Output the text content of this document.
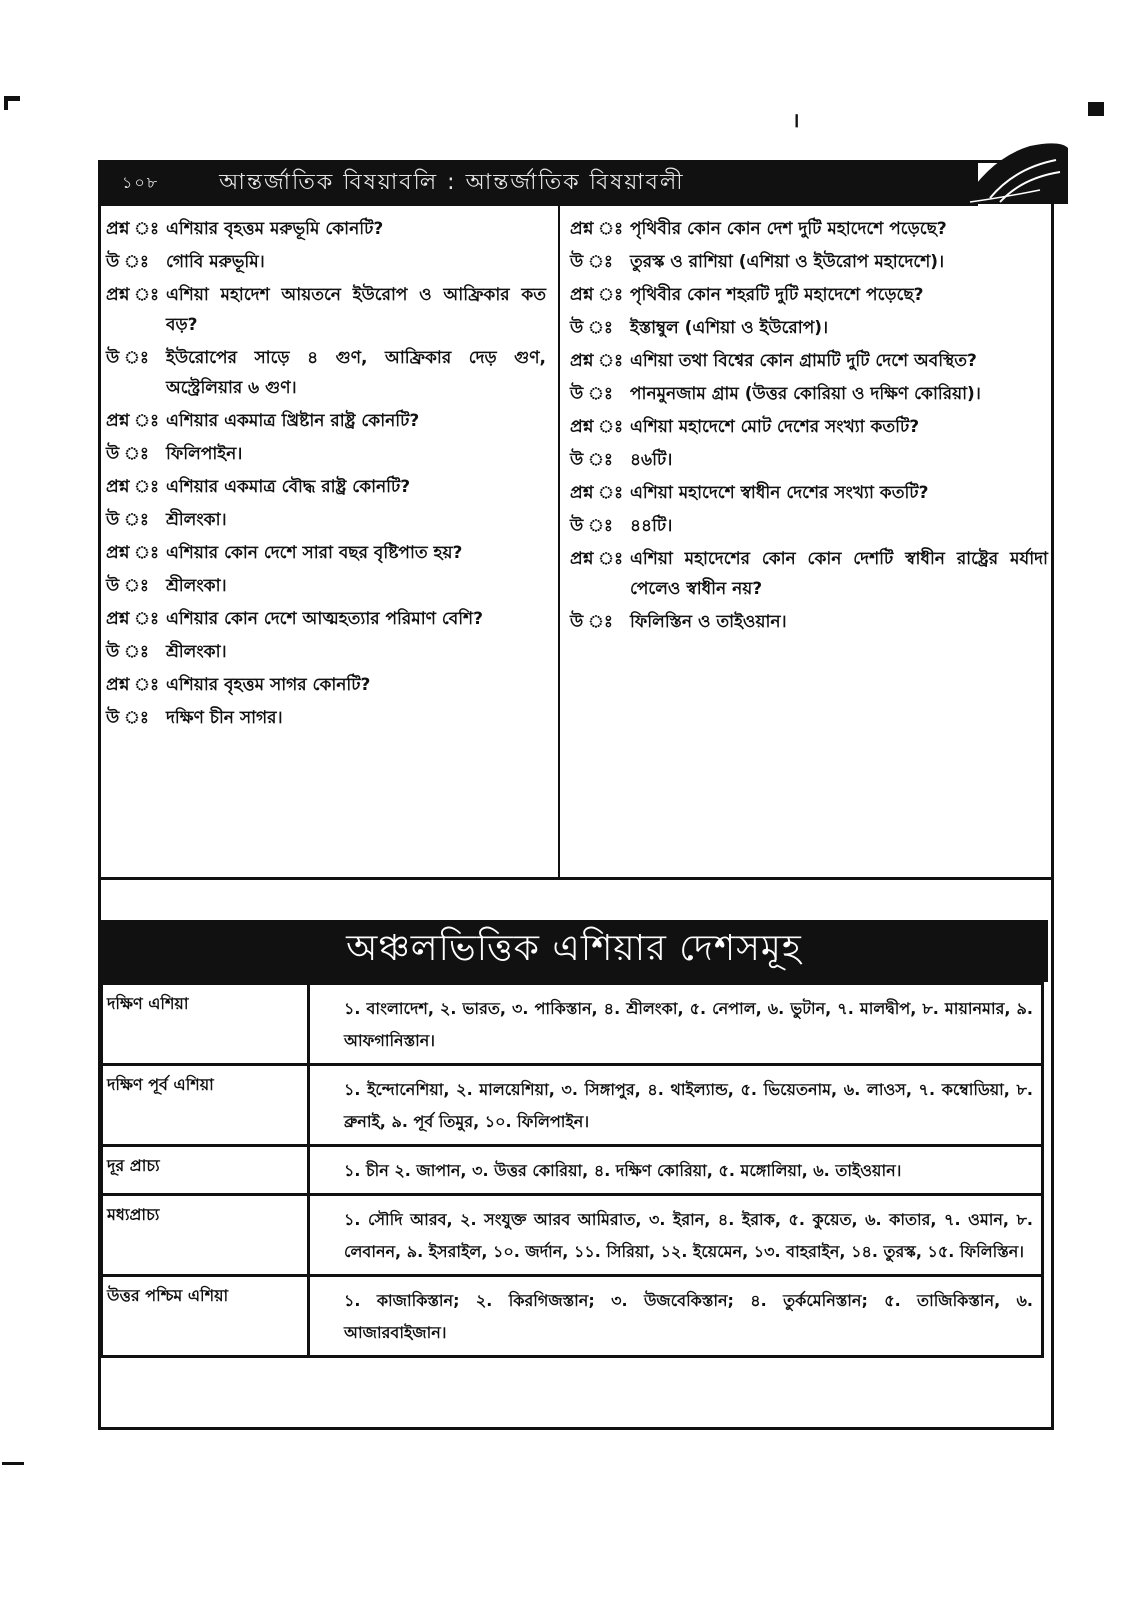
।
১০৮	আন্তর্জাতিক বিষয়াবলি : আন্তর্জাতিক বিষয়াবলী
প্রশ্ন ঃ এশিয়ার বৃহত্তম মরুভূমি কোনটি?
উ ঃ	গোবি মরুভূমি।
প্রশ্ন ঃ এশিয়া মহাদেশ আয়তনে ইউরোপ ও আফ্রিকার কত বড়?
উ ঃ	ইউরোপের সাড়ে ৪ গুণ, আফ্রিকার দেড় গুণ, অস্ট্রেলিয়ার ৬ গুণ।
প্রশ্ন ঃ এশিয়ার একমাত্র খ্রিষ্টান রাষ্ট্র কোনটি?
উ ঃ	ফিলিপাইন।
প্রশ্ন ঃ এশিয়ার একমাত্র বৌদ্ধ রাষ্ট্র কোনটি?
উ ঃ	শ্রীলংকা।
প্রশ্ন ঃ এশিয়ার কোন দেশে সারা বছর বৃষ্টিপাত হয়?
উ ঃ	শ্রীলংকা।
প্রশ্ন ঃ এশিয়ার কোন দেশে আত্মহত্যার পরিমাণ বেশি?
উ ঃ	শ্রীলংকা।
প্রশ্ন ঃ এশিয়ার বৃহত্তম সাগর কোনটি?
উ ঃ	দক্ষিণ চীন সাগর।
প্রশ্ন ঃ পৃথিবীর কোন কোন দেশ দুটি মহাদেশে পড়েছে?
উ ঃ	তুরস্ক ও রাশিয়া (এশিয়া ও ইউরোপ মহাদেশে)।
প্রশ্ন ঃ পৃথিবীর কোন শহরটি দুটি মহাদেশে পড়েছে?
উ ঃ	ইস্তাম্বুল (এশিয়া ও ইউরোপ)।
প্রশ্ন ঃ এশিয়া তথা বিশ্বের কোন গ্রামটি দুটি দেশে অবস্থিত?
উ ঃ	পানমুনজাম গ্রাম (উত্তর কোরিয়া ও দক্ষিণ কোরিয়া)।
প্রশ্ন ঃ এশিয়া মহাদেশে মোট দেশের সংখ্যা কতটি?
উ ঃ	৪৬টি।
প্রশ্ন ঃ এশিয়া মহাদেশে স্বাধীন দেশের সংখ্যা কতটি?
উ ঃ	৪৪টি।
প্রশ্ন ঃ এশিয়া মহাদেশের কোন কোন দেশটি স্বাধীন রাষ্ট্রের মর্যাদা পেলেও স্বাধীন নয়?
উ ঃ	ফিলিস্তিন ও তাইওয়ান।
অঞ্চলভিত্তিক এশিয়ার দেশসমূহ
দক্ষিণ এশিয়া	১. বাংলাদেশ, ২. ভারত, ৩. পাকিস্তান, ৪. শ্রীলংকা, ৫. নেপাল, ৬. ভুটান, ৭. মালদ্বীপ, ৮. মায়ানমার, ৯. আফগানিস্তান।
দক্ষিণ পূর্ব এশিয়া	১. ইন্দোনেশিয়া, ২. মালয়েশিয়া, ৩. সিঙ্গাপুর, ৪. থাইল্যান্ড, ৫. ভিয়েতনাম, ৬. লাওস, ৭. কম্বোডিয়া, ৮. ব্রুনাই, ৯. পূর্ব তিমুর, ১০. ফিলিপাইন।
দূর প্রাচ্য	১. চীন ২. জাপান, ৩. উত্তর কোরিয়া, ৪. দক্ষিণ কোরিয়া, ৫. মঙ্গোলিয়া, ৬. তাইওয়ান।
মধ্যপ্রাচ্য	১. সৌদি আরব, ২. সংযুক্ত আরব আমিরাত, ৩. ইরান, ৪. ইরাক, ৫. কুয়েত, ৬. কাতার, ৭. ওমান, ৮. লেবানন, ৯. ইসরাইল, ১০. জর্দান, ১১. সিরিয়া, ১২. ইয়েমেন, ১৩. বাহরাইন, ১৪. তুরস্ক, ১৫. ফিলিস্তিন।
উত্তর পশ্চিম এশিয়া	১. কাজাকিস্তান; ২. কিরগিজস্তান; ৩. উজবেকিস্তান; ৪. তুর্কমেনিস্তান; ৫. তাজিকিস্তান, ৬. আজারবাইজান।
